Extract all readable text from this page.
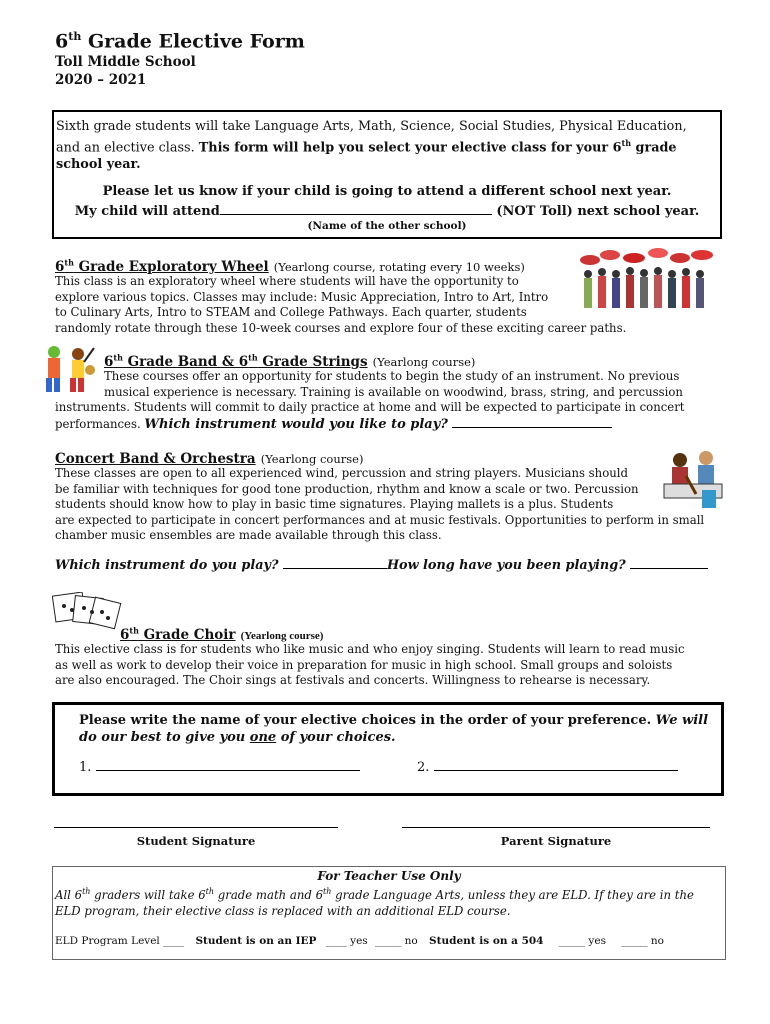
6th Grade Elective Form
Toll Middle School
2020 – 2021
Sixth grade students will take Language Arts, Math, Science, Social Studies, Physical Education,
and an elective class. This form will help you select your elective class for your 6th grade
school year.
Please let us know if your child is going to attend a different school next year.
My child will attend	(NOT Toll) next school year.
(Name of the other school)
6th Grade Exploratory Wheel (Yearlong course, rotating every 10 weeks)
This class is an exploratory wheel where students will have the opportunity to
explore various topics. Classes may include: Music Appreciation, Intro to Art, Intro
to Culinary Arts, Intro to STEAM and College Pathways. Each quarter, students
randomly rotate through these 10-week courses and explore four of these exciting career paths.
6th Grade Band & 6th Grade Strings (Yearlong course)
These courses offer an opportunity for students to begin the study of an instrument. No previous
musical experience is necessary. Training is available on woodwind, brass, string, and percussion
instruments. Students will commit to daily practice at home and will be expected to participate in concert
performances. Which instrument would you like to play?
Concert Band & Orchestra (Yearlong course)
These classes are open to all experienced wind, percussion and string players. Musicians should
be familiar with techniques for good tone production, rhythm and know a scale or two. Percussion
students should know how to play in basic time signatures. Playing mallets is a plus. Students
are expected to participate in concert performances and at music festivals. Opportunities to perform in small
chamber music ensembles are made available through this class.
Which instrument do you play?	How long have you been playing?
6th Grade Choir (Yearlong course)
This elective class is for students who like music and who enjoy singing. Students will learn to read music
as well as work to develop their voice in preparation for music in high school. Small groups and soloists
are also encouraged. The Choir sings at festivals and concerts. Willingness to rehearse is necessary.
Please write the name of your elective choices in the order of your preference. We will
do our best to give you one of your choices.
1.	2.
Student Signature	Parent Signature
For Teacher Use Only
All 6th graders will take 6th grade math and 6th grade Language Arts, unless they are ELD. If they are in the
ELD program, their elective class is replaced with an additional ELD course.
ELD Program Level ____ Student is on an IEP ____ yes _____ no Student is on a 504 _____ yes _____ no
